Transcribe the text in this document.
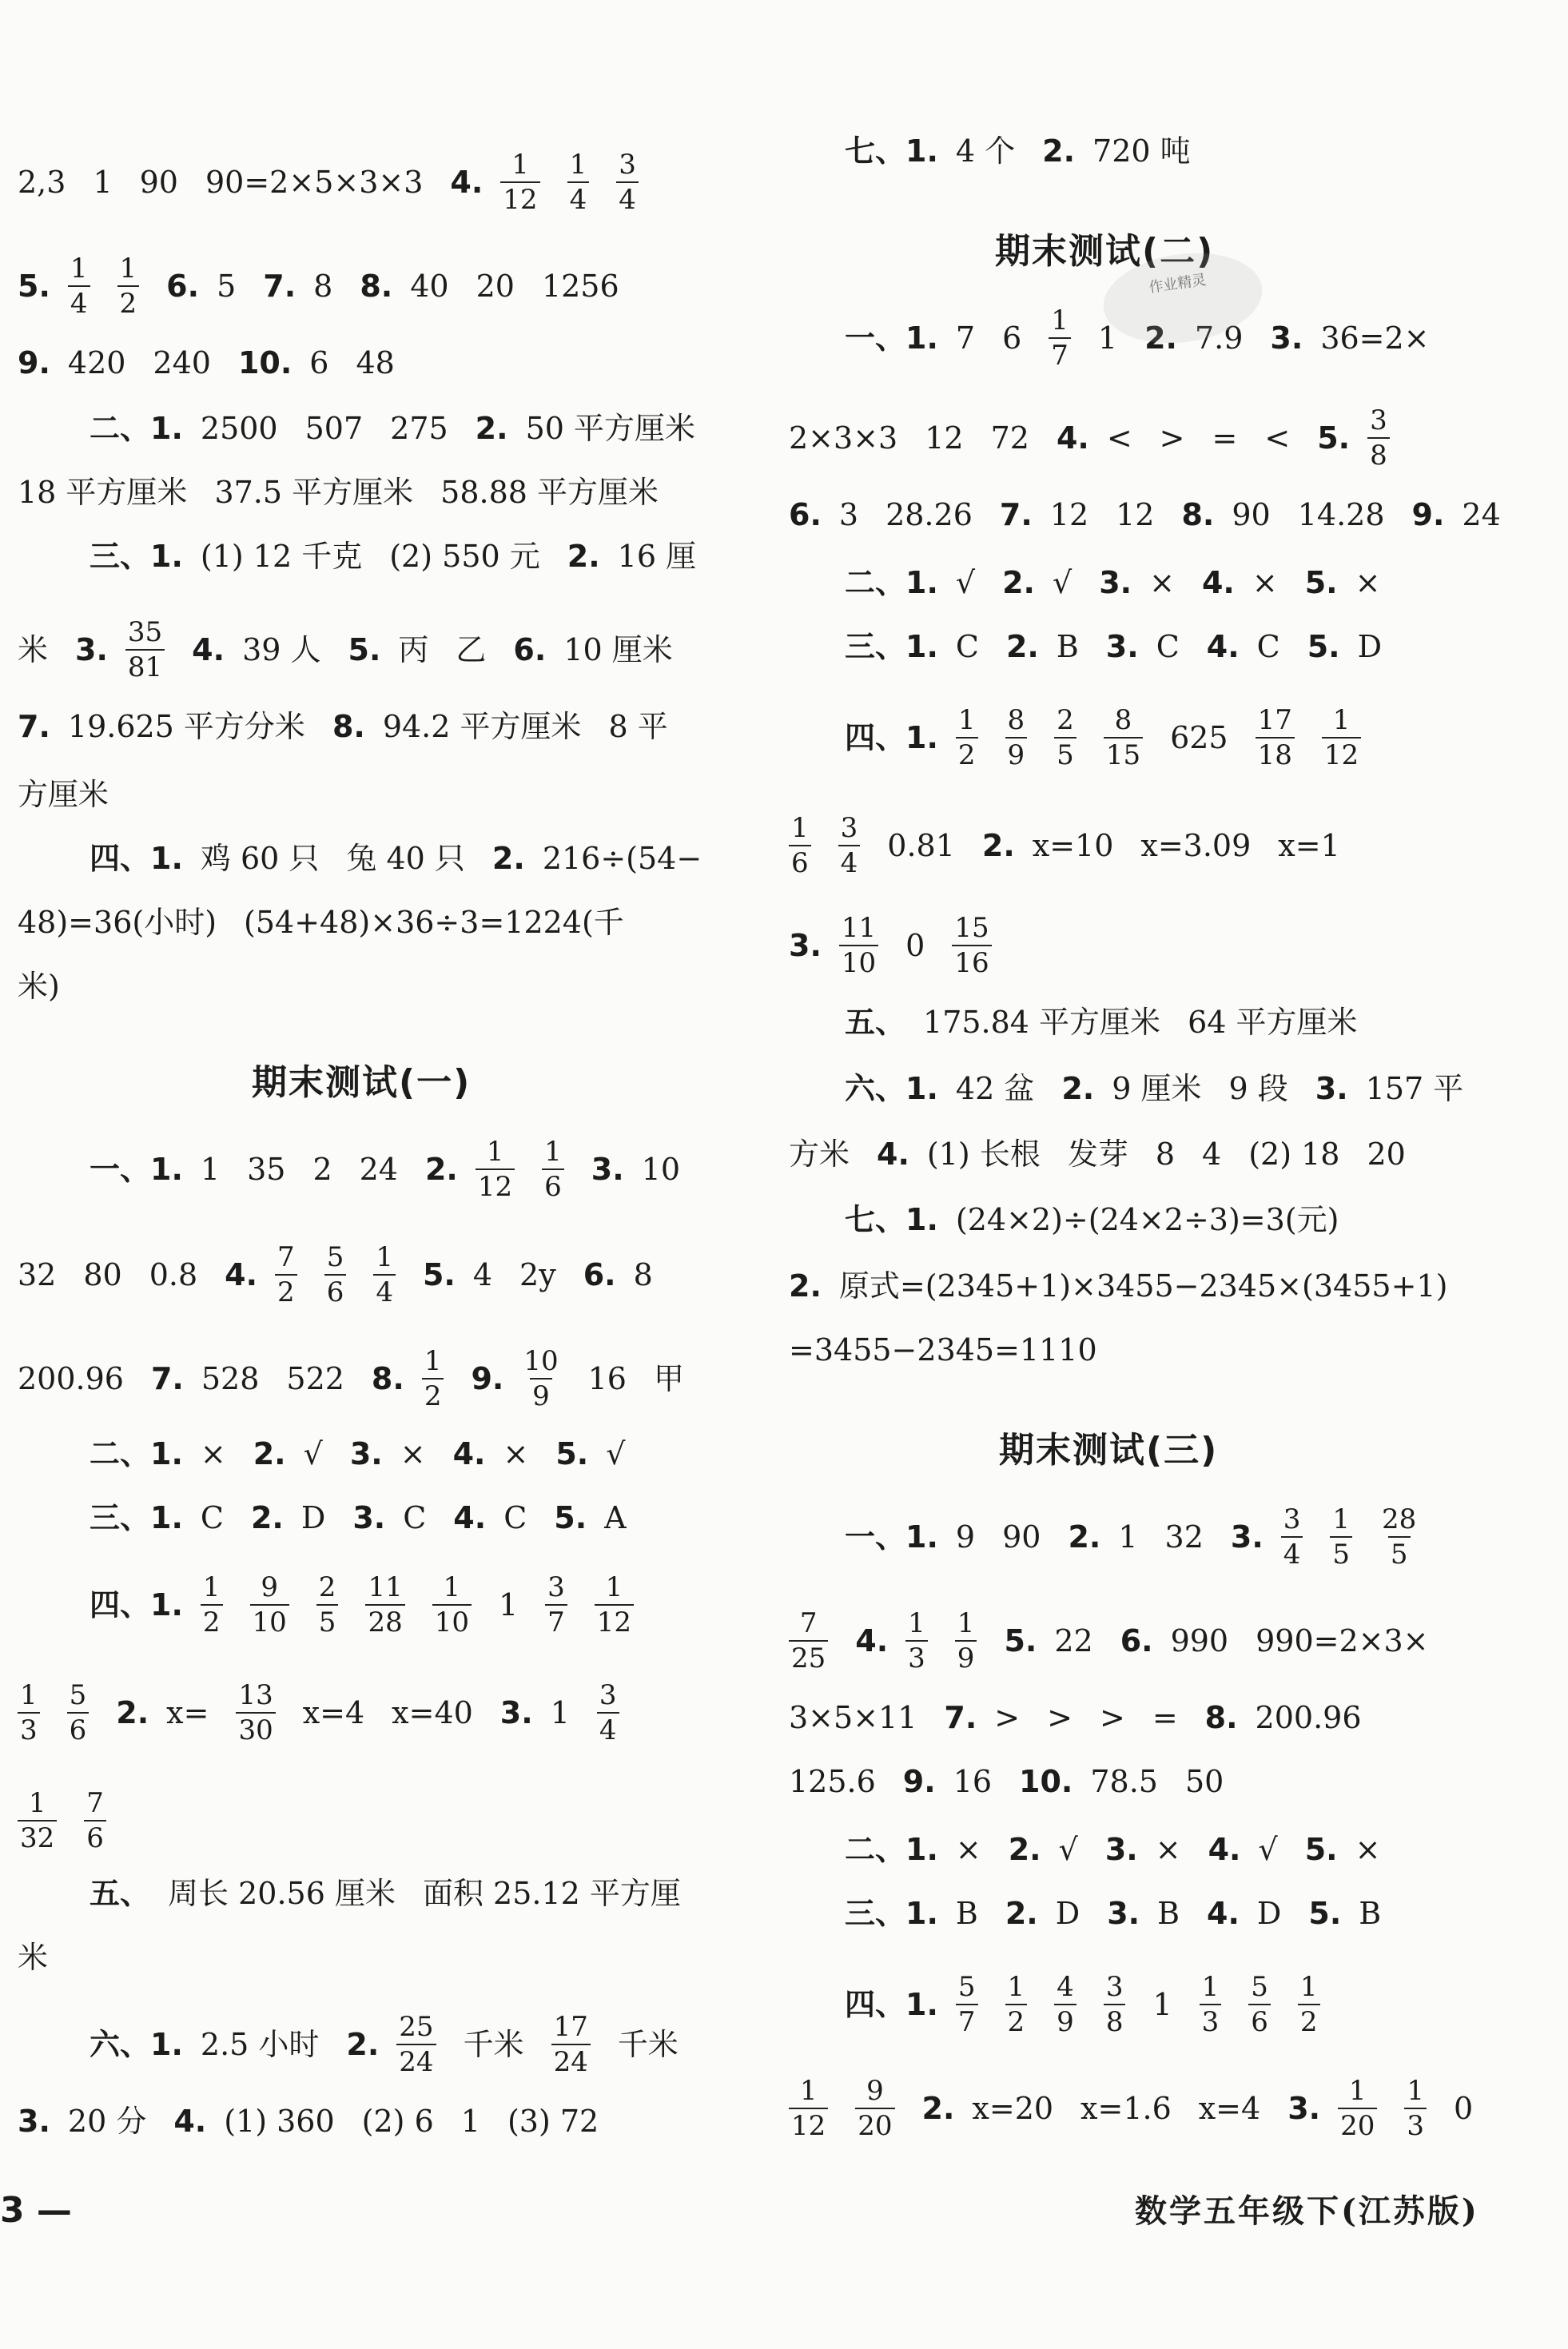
期末测试(一)
2,3 1 90 90=2×5×3×3 4. $\frac{1}{12} \frac{1}{4} \frac{3}{4}$
5. $\frac{1}{4} \frac{1}{2} 6$. 5 7. 8 8. 40 20 1256
9. 420 240 10. 6 48
二、1. 2500 507 275 2. 50 平方厘米
18 平方厘米 37.5 平方厘米 58.88 平方厘米
三、1. (1) 12 千克 (2) 550 元 2. 16 厘
米 3. $\frac{35}{81} 4$. 39 人 5. 丙 乙 6. 10 厘米
7. 19.625 平方分米 8. 94.2 平方厘米 8 平
方厘米
四、1. 鸡 60 只 兔 40 只 2. 216÷(54−
48)=36(小时) (54+48)×36÷3=1224(千
米)
一、1. 1 35 2 24 2. $\frac{1}{12} \frac{1}{6} 3$. 10
32 80 0.8 4. $\frac{7}{2} \frac{5}{6} \frac{1}{4} 5$. 4 2y 6. 8
200.96 7. 528 522 8. $\frac{1}{2} 9$. $\frac{10}{9} 16$ 甲
二、1. × 2. √ 3. × 4. × 5. √
三、1. C 2. D 3. C 4. C 5. A
四、1. $\frac{1}{2} \frac{9}{10} \frac{2}{5} \frac{11}{28} \frac{1}{10} 1 \frac{3}{7} \frac{1}{12}$
$\frac{1}{3} \frac{5}{6} 2$. $x= \frac{13}{30} x=4$ x=40 3. $1 \frac{3}{4}$
$\frac{1}{32} \frac{7}{6}$
五、 周长 20.56 厘米 面积 25.12 平方厘
米
六、1. 2.5 小时 2. $\frac{25}{24}$ 千米 $\frac{17}{24}$ 千米
3. 20 分 4. (1) 360 (2) 6 1 (3) 72
期末测试(二)
期末测试(三)
七、1. 4 个 2. 720 吨
一、1. 7 $6 \frac{1}{7} 1$ 2. 7.9 3. 36=2×
2×3×3 12 72 4. < > = < 5. $\frac{3}{8}$
6. 3 28.26 7. 12 12 8. 90 14.28 9. 24
二、1. √ 2. √ 3. × 4. × 5. ×
三、1. C 2. B 3. C 4. C 5. D
四、1. $\frac{1}{2} \frac{8}{9} \frac{2}{5} \frac{8}{15} 625 \frac{17}{18} \frac{1}{12}$
$\frac{1}{6} \frac{3}{4} 0.81$ 2. x=10 x=3.09 x=1
3. $\frac{11}{10} 0 \frac{15}{16}$
五、 175.84 平方厘米 64 平方厘米
六、1. 42 盆 2. 9 厘米 9 段 3. 157 平
方米 4. (1) 长根 发芽 8 4 (2) 18 20
七、1. (24×2)÷(24×2÷3)=3(元)
2. 原式=(2345+1)×3455−2345×(3455+1)
=3455−2345=1110
一、1. 9 90 2. 1 32 3. $\frac{3}{4} \frac{1}{5} \frac{28}{5}$
$\frac{7}{25} 4$. $\frac{1}{3} \frac{1}{9} 5$. 22 6. 990 990=2×3×
3×5×11 7. > > > = 8. 200.96
125.6 9. 16 10. 78.5 50
二、1. × 2. √ 3. × 4. √ 5. ×
三、1. B 2. D 3. B 4. D 5. B
四、1. $\frac{5}{7} \frac{1}{2} \frac{4}{9} \frac{3}{8} 1 \frac{1}{3} \frac{5}{6} \frac{1}{2}$
$\frac{1}{12} \frac{9}{20} 2$. x=20 x=1.6 x=4 3. $\frac{1}{20} \frac{1}{3} 0$
作业精灵
3 —	数学五年级下(江苏版)
